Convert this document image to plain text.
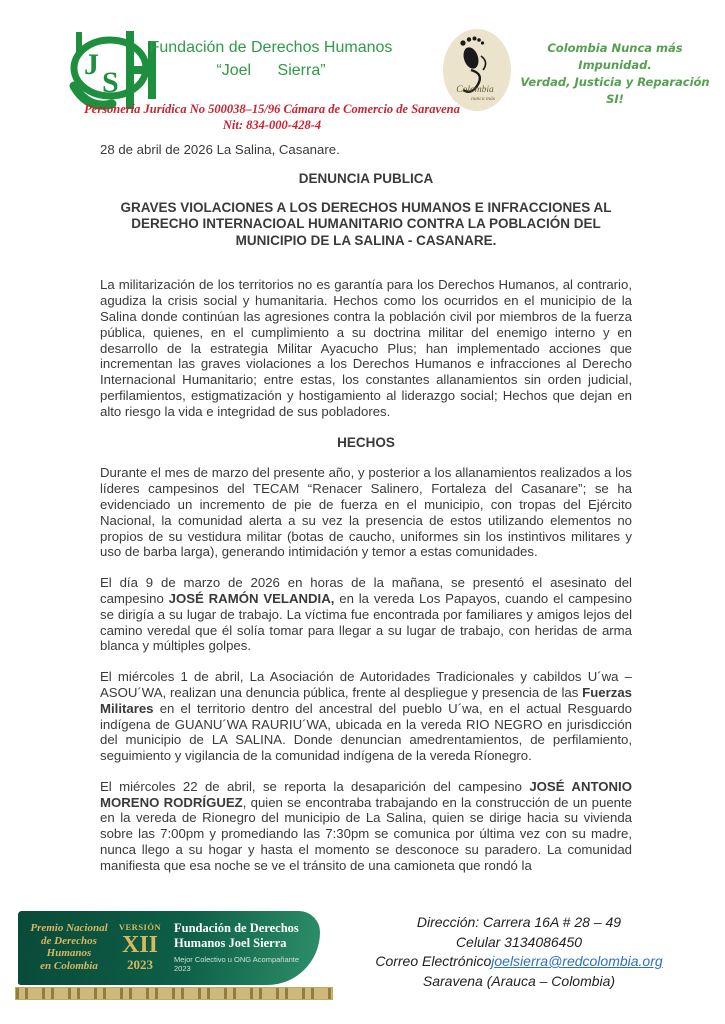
J
S
Fundación de Derechos Humanos
“Joel Sierra”
Personería Jurídica No 500038–15/96 Cámara de Comercio de Saravena
Nit: 834-000-428-4
Colombia
nunca más
Colombia Nunca más Impunidad.
Verdad, Justicia y Reparación SI!

28 de abril de 2026 La Salina, Casanare.

DENUNCIA PUBLICA

GRAVES VIOLACIONES A LOS DERECHOS HUMANOS E INFRACCIONES AL DERECHO INTERNACIOAL HUMANITARIO CONTRA LA POBLACIÓN DEL MUNICIPIO DE LA SALINA - CASANARE.

La militarización de los territorios no es garantía para los Derechos Humanos, al contrario, agudiza la crisis social y humanitaria. Hechos como los ocurridos en el municipio de la Salina donde continúan las agresiones contra la población civil por miembros de la fuerza pública, quienes, en el cumplimiento a su doctrina militar del enemigo interno y en desarrollo de la estrategia Militar Ayacucho Plus; han implementado acciones que incrementan las graves violaciones a los Derechos Humanos e infracciones al Derecho Internacional Humanitario; entre estas, los constantes allanamientos sin orden judicial, perfilamientos, estigmatización y hostigamiento al liderazgo social; Hechos que dejan en alto riesgo la vida e integridad de sus pobladores.

HECHOS

Durante el mes de marzo del presente año, y posterior a los allanamientos realizados a los líderes campesinos del TECAM “Renacer Salinero, Fortaleza del Casanare”; se ha evidenciado un incremento de pie de fuerza en el municipio, con tropas del Ejército Nacional, la comunidad alerta a su vez la presencia de estos utilizando elementos no propios de su vestidura militar (botas de caucho, uniformes sin los instintivos militares y uso de barba larga), generando intimidación y temor a estas comunidades.

El día 9 de marzo de 2026 en horas de la mañana, se presentó el asesinato del campesino JOSÉ RAMÓN VELANDIA, en la vereda Los Papayos, cuando el campesino se dirigía a su lugar de trabajo. La víctima fue encontrada por familiares y amigos lejos del camino veredal que él solía tomar para llegar a su lugar de trabajo, con heridas de arma blanca y múltiples golpes.

El miércoles 1 de abril, La Asociación de Autoridades Tradicionales y cabildos U´wa – ASOU´WA, realizan una denuncia pública, frente al despliegue y presencia de las Fuerzas Militares en el territorio dentro del ancestral del pueblo U´wa, en el actual Resguardo indígena de GUANU´WA RAURIU´WA, ubicada en la vereda RIO NEGRO en jurisdicción del municipio de LA SALINA. Donde denuncian amedrentamientos, de perfilamiento, seguimiento y vigilancia de la comunidad indígena de la vereda Ríonegro.

El miércoles 22 de abril, se reporta la desaparición del campesino JOSÉ ANTONIO MORENO RODRÍGUEZ, quien se encontraba trabajando en la construcción de un puente en la vereda de Rionegro del municipio de La Salina, quien se dirige hacia su vivienda sobre las 7:00pm y promediando las 7:30pm se comunica por última vez con su madre, nunca llego a su hogar y hasta el momento se desconoce su paradero. La comunidad manifiesta que esa noche se ve el tránsito de una camioneta que rondó la

Premio Nacional
de Derechos
Humanos
en Colombia
VERSIÓN
XII
2023
Fundación de Derechos
Humanos Joel Sierra
Mejor Colectivo u ONG Acompañante 2023
Dirección: Carrera 16A # 28 – 49
Celular 3134086450
Correo Electrónicojoelsierra@redcolombia.org
Saravena (Arauca – Colombia)
